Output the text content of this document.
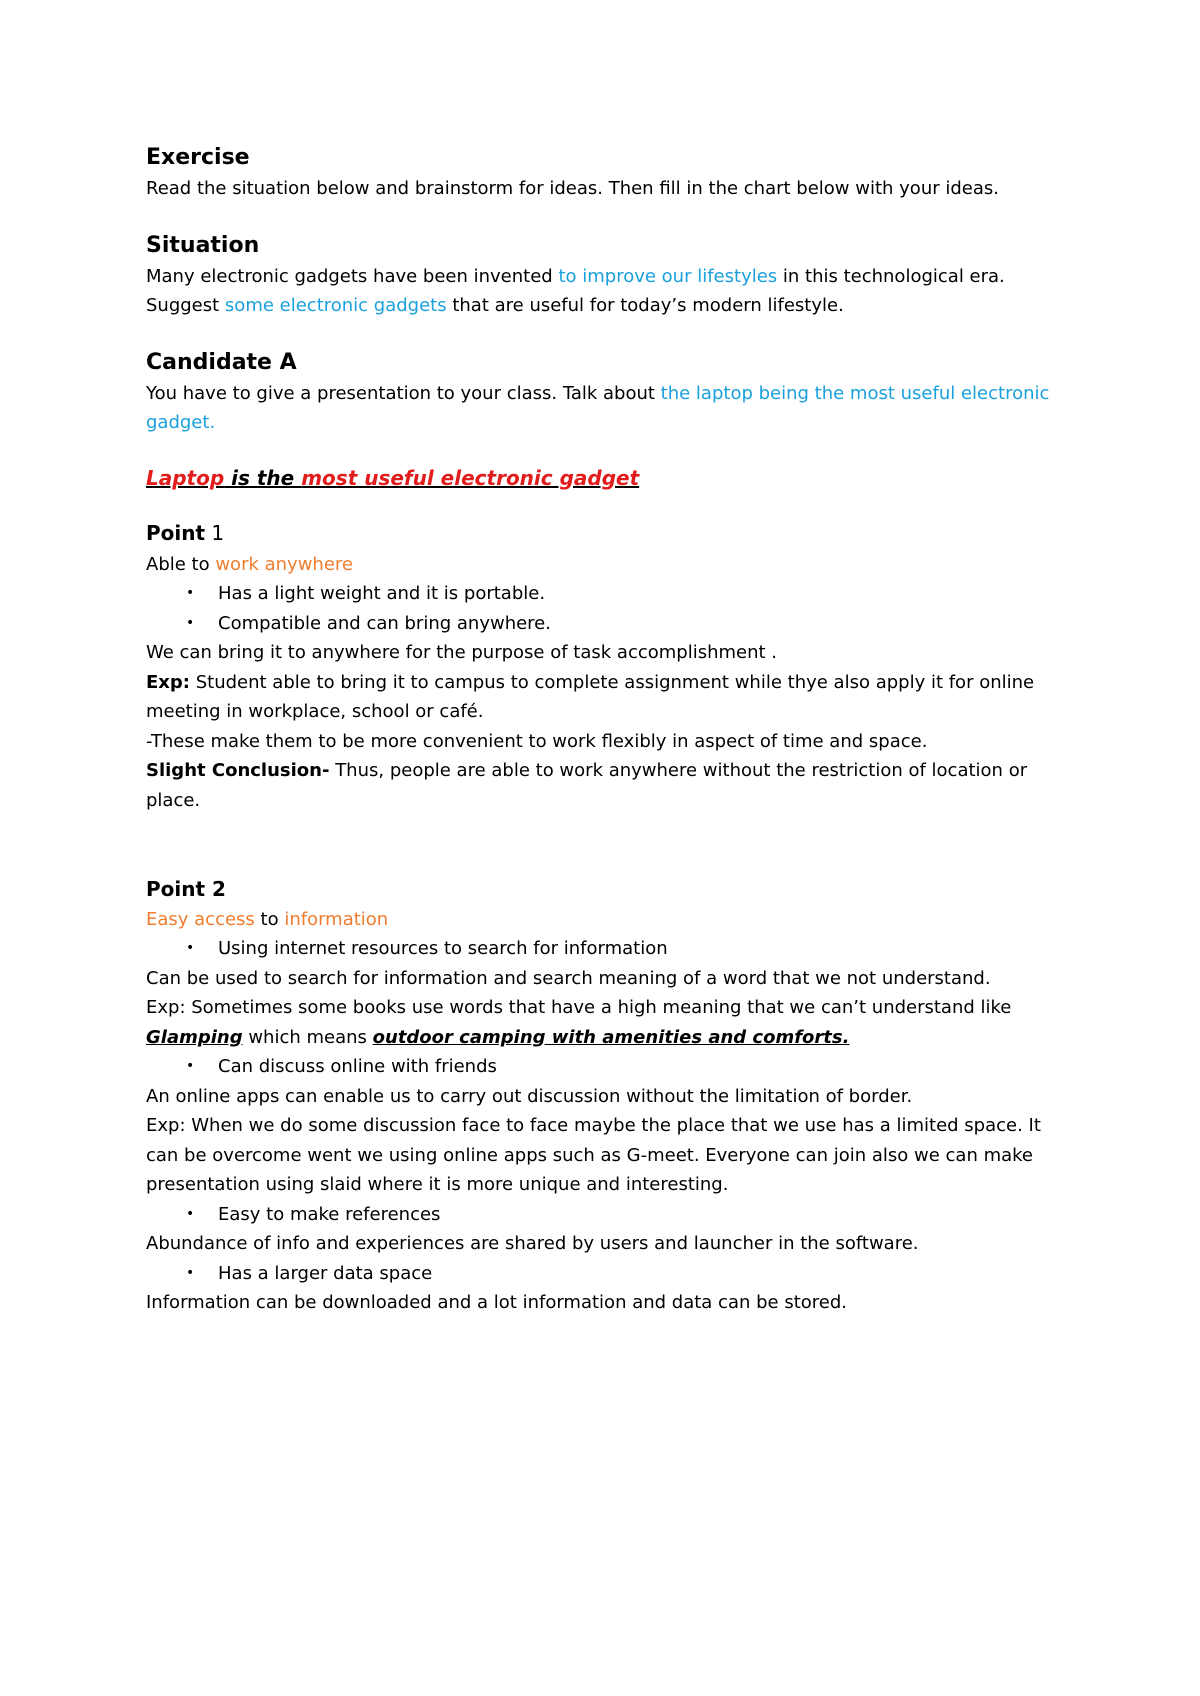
Exercise
Read the situation below and brainstorm for ideas. Then fill in the chart below with your ideas.
Situation
Many electronic gadgets have been invented to improve our lifestyles in this technological era.
Suggest some electronic gadgets that are useful for today’s modern lifestyle.
Candidate A
You have to give a presentation to your class. Talk about the laptop being the most useful electronic gadget.
Laptop is the most useful electronic gadget
Point 1
Able to work anywhere
• Has a light weight and it is portable.
• Compatible and can bring anywhere.
We can bring it to anywhere for the purpose of task accomplishment .
Exp: Student able to bring it to campus to complete assignment while thye also apply it for online meeting in workplace, school or café.
-These make them to be more convenient to work flexibly in aspect of time and space.
Slight Conclusion- Thus, people are able to work anywhere without the restriction of location or place.
Point 2
Easy access to information
• Using internet resources to search for information
Can be used to search for information and search meaning of a word that we not understand.
Exp: Sometimes some books use words that have a high meaning that we can’t understand like
Glamping which means outdoor camping with amenities and comforts.
• Can discuss online with friends
An online apps can enable us to carry out discussion without the limitation of border.
Exp: When we do some discussion face to face maybe the place that we use has a limited space. It can be overcome went we using online apps such as G-meet. Everyone can join also we can make presentation using slaid where it is more unique and interesting.
• Easy to make references
Abundance of info and experiences are shared by users and launcher in the software.
• Has a larger data space
Information can be downloaded and a lot information and data can be stored.
